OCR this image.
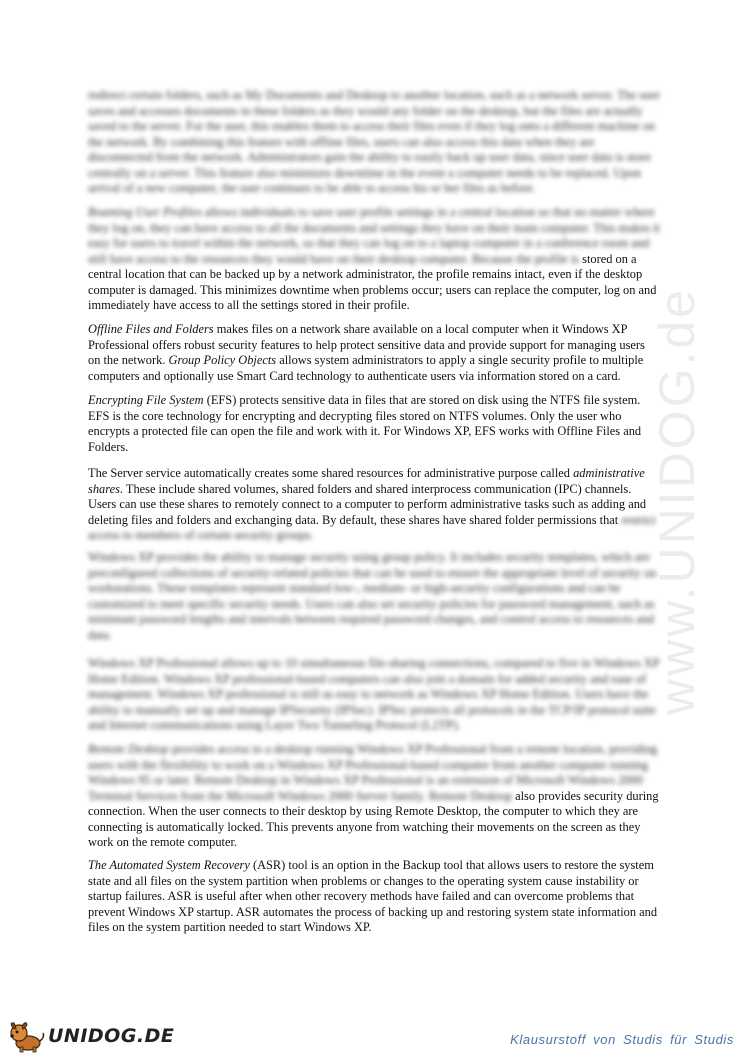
www.UNIDOG.de

redirect certain folders, such as My Documents and Desktop to another location, such as a network server. The user saves and accesses documents in these folders as they would any folder on the desktop, but the files are actually saved to the server. For the user, this enables them to access their files even if they log onto a different machine on the network. By combining this feature with offline files, users can also access this data when they are disconnected from the network. Administrators gain the ability to easily back up user data, since user data is store centrally on a server. This feature also minimizes downtime in the event a computer needs to be replaced. Upon arrival of a new computer, the user continues to be able to access his or her files as before.

Roaming User Profiles allows individuals to save user profile settings in a central location so that no matter where they log on, they can have access to all the documents and settings they have on their main computer. This makes it easy for users to travel within the network, so that they can log on to a laptop computer in a conference room and still have access to the resources they would have on their desktop computer. Because the profile is stored on a central location that can be backed up by a network administrator, the profile remains intact, even if the desktop computer is damaged. This minimizes downtime when problems occur; users can replace the computer, log on and immediately have access to all the settings stored in their profile.

Offline Files and Folders makes files on a network share available on a local computer when it Windows XP Professional offers robust security features to help protect sensitive data and provide support for managing users on the network. Group Policy Objects allows system administrators to apply a single security profile to multiple computers and optionally use Smart Card technology to authenticate users via information stored on a card.

Encrypting File System (EFS) protects sensitive data in files that are stored on disk using the NTFS file system. EFS is the core technology for encrypting and decrypting files stored on NTFS volumes. Only the user who encrypts a protected file can open the file and work with it. For Windows XP, EFS works with Offline Files and Folders.

The Server service automatically creates some shared resources for administrative purpose called administrative shares. These include shared volumes, shared folders and shared interprocess communication (IPC) channels. Users can use these shares to remotely connect to a computer to perform administrative tasks such as adding and deleting files and folders and exchanging data. By default, these shares have shared folder permissions that restrict access to members of certain security groups.

Windows XP provides the ability to manage security using group policy. It includes security templates, which are preconfigured collections of security-related policies that can be used to ensure the appropriate level of security on workstations. These templates represent standard low-, medium- or high-security configurations and can be customized to meet specific security needs. Users can also set security policies for password management, such as minimum password lengths and intervals between required password changes, and control access to resources and data.

Windows XP Professional allows up to 10 simultaneous file-sharing connections, compared to five in Windows XP Home Edition. Windows XP professional-based computers can also join a domain for added security and ease of management. Windows XP professional is still as easy to network as Windows XP Home Edition. Users have the ability to manually set up and manage IPSecurity (IPSec). IPSec protects all protocols in the TCP/IP protocol suite and Internet communications using Layer Two Tunneling Protocol (L2TP).

Remote Desktop provides access to a desktop running Windows XP Professional from a remote location, providing users with the flexibility to work on a Windows XP Professional-based computer from another computer running Windows 95 or later. Remote Desktop in Windows XP Professional is an extension of Microsoft Windows 2000 Terminal Services from the Microsoft Windows 2000 Server family. Remote Desktop also provides security during connection. When the user connects to their desktop by using Remote Desktop, the computer to which they are connecting is automatically locked. This prevents anyone from watching their movements on the screen as they work on the remote computer.

The Automated System Recovery (ASR) tool is an option in the Backup tool that allows users to restore the system state and all files on the system partition when problems or changes to the operating system cause instability or startup failures. ASR is useful after when other recovery methods have failed and can overcome problems that prevent Windows XP startup. ASR automates the process of backing up and restoring system state information and files on the system partition needed to start Windows XP.

UNIDOG.DE	Klausurstoff von Studis für Studis
